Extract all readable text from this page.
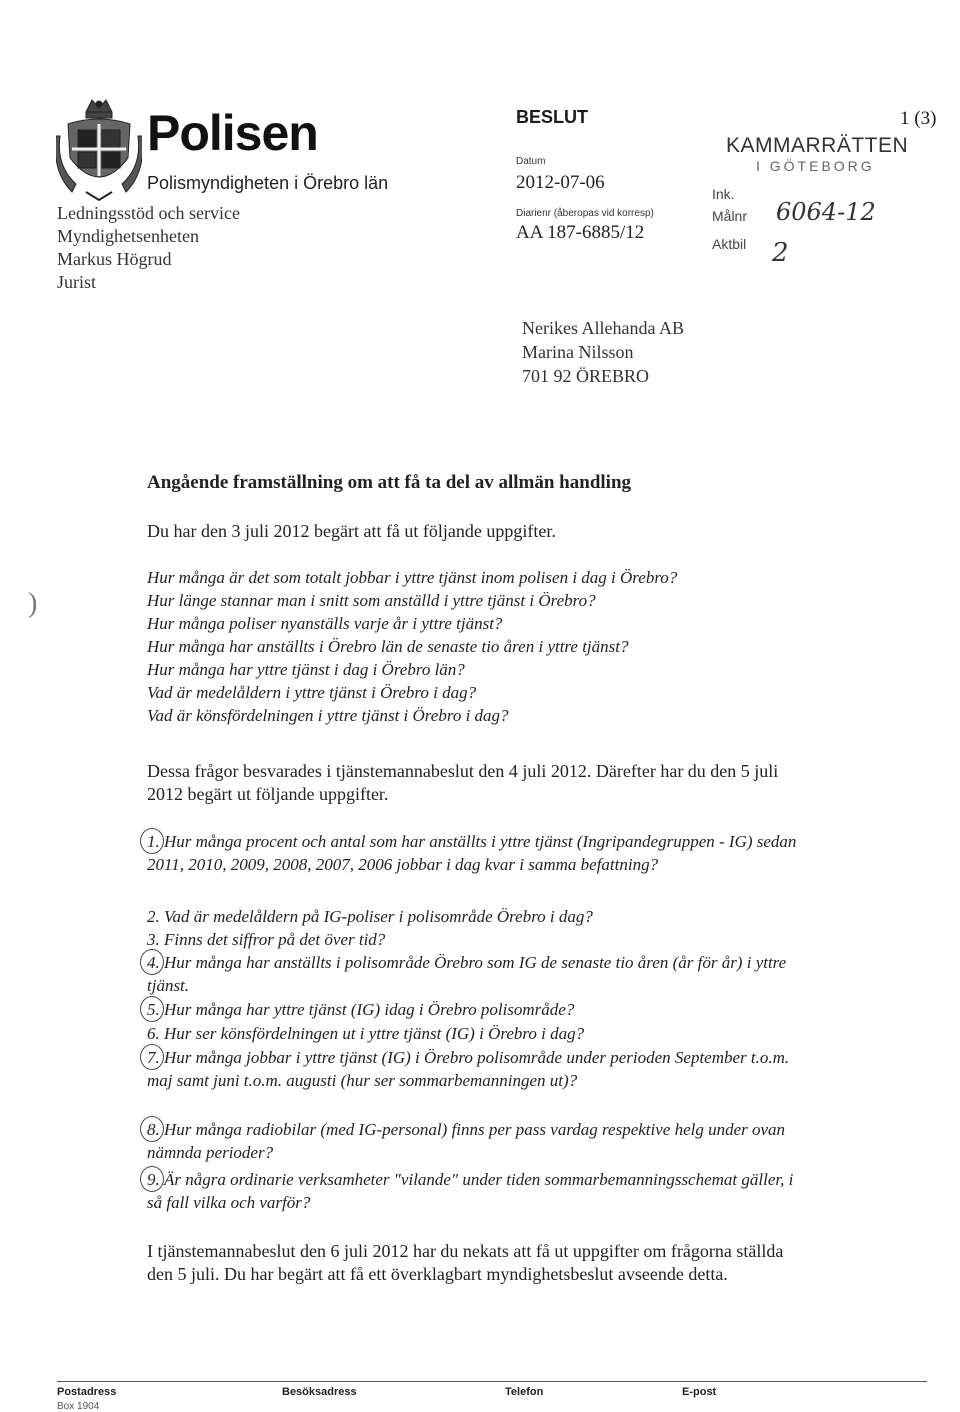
Polisen
Polismyndigheten i Örebro län
Ledningsstöd och service
Myndighetsenheten
Markus Högrud
Jurist
BESLUT
Datum
2012-07-06
Diarienr (åberopas vid korresp)
AA 187-6885/12
1 (3)
KAMMARRÄTTEN
I GÖTEBORG
Ink.
Målnr 6064-12
Aktbil 2
Nerikes Allehanda AB
Marina Nilsson
701 92 ÖREBRO
Angående framställning om att få ta del av allmän handling
Du har den 3 juli 2012 begärt att få ut följande uppgifter.
Hur många är det som totalt jobbar i yttre tjänst inom polisen i dag i Örebro?
Hur länge stannar man i snitt som anställd i yttre tjänst i Örebro?
Hur många poliser nyanställs varje år i yttre tjänst?
Hur många har anställts i Örebro län de senaste tio åren i yttre tjänst?
Hur många har yttre tjänst i dag i Örebro län?
Vad är medelåldern i yttre tjänst i Örebro i dag?
Vad är könsfördelningen i yttre tjänst i Örebro i dag?
Dessa frågor besvarades i tjänstemannabeslut den 4 juli 2012. Därefter har du den 5 juli 2012 begärt ut följande uppgifter.
1. Hur många procent och antal som har anställts i yttre tjänst (Ingripandegruppen - IG) sedan 2011, 2010, 2009, 2008, 2007, 2006 jobbar i dag kvar i samma befattning?
2. Vad är medelåldern på IG-poliser i polisområde Örebro i dag?
3. Finns det siffror på det över tid?
4. Hur många har anställts i polisområde Örebro som IG de senaste tio åren (år för år) i yttre tjänst.
5. Hur många har yttre tjänst (IG) idag i Örebro polisområde?
6. Hur ser könsfördelningen ut i yttre tjänst (IG) i Örebro i dag?
7. Hur många jobbar i yttre tjänst (IG) i Örebro polisområde under perioden September t.o.m. maj samt juni t.o.m. augusti (hur ser sommarbemanningen ut)?
8. Hur många radiobilar (med IG-personal) finns per pass vardag respektive helg under ovan nämnda perioder?
9. Är några ordinarie verksamheter "vilande" under tiden sommarbemanningsschemat gäller, i så fall vilka och varför?
I tjänstemannabeslut den 6 juli 2012 har du nekats att få ut uppgifter om frågorna ställda den 5 juli. Du har begärt att få ett överklagbart myndighetsbeslut avseende detta.
)
Postadress	Besöksadress	Telefon	E-post
Box 1904
